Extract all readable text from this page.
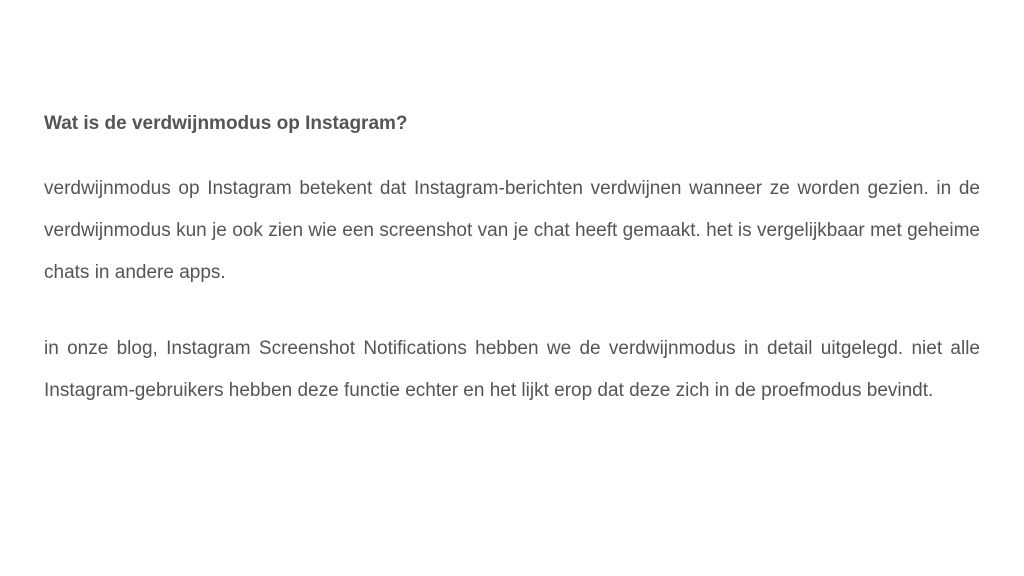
Wat is de verdwijnmodus op Instagram?

verdwijnmodus op Instagram betekent dat Instagram-berichten verdwijnen wanneer ze worden gezien. in de verdwijnmodus kun je ook zien wie een screenshot van je chat heeft gemaakt. het is vergelijkbaar met geheime chats in andere apps.

in onze blog, Instagram Screenshot Notifications hebben we de verdwijnmodus in detail uitgelegd. niet alle Instagram-gebruikers hebben deze functie echter en het lijkt erop dat deze zich in de proefmodus bevindt.
